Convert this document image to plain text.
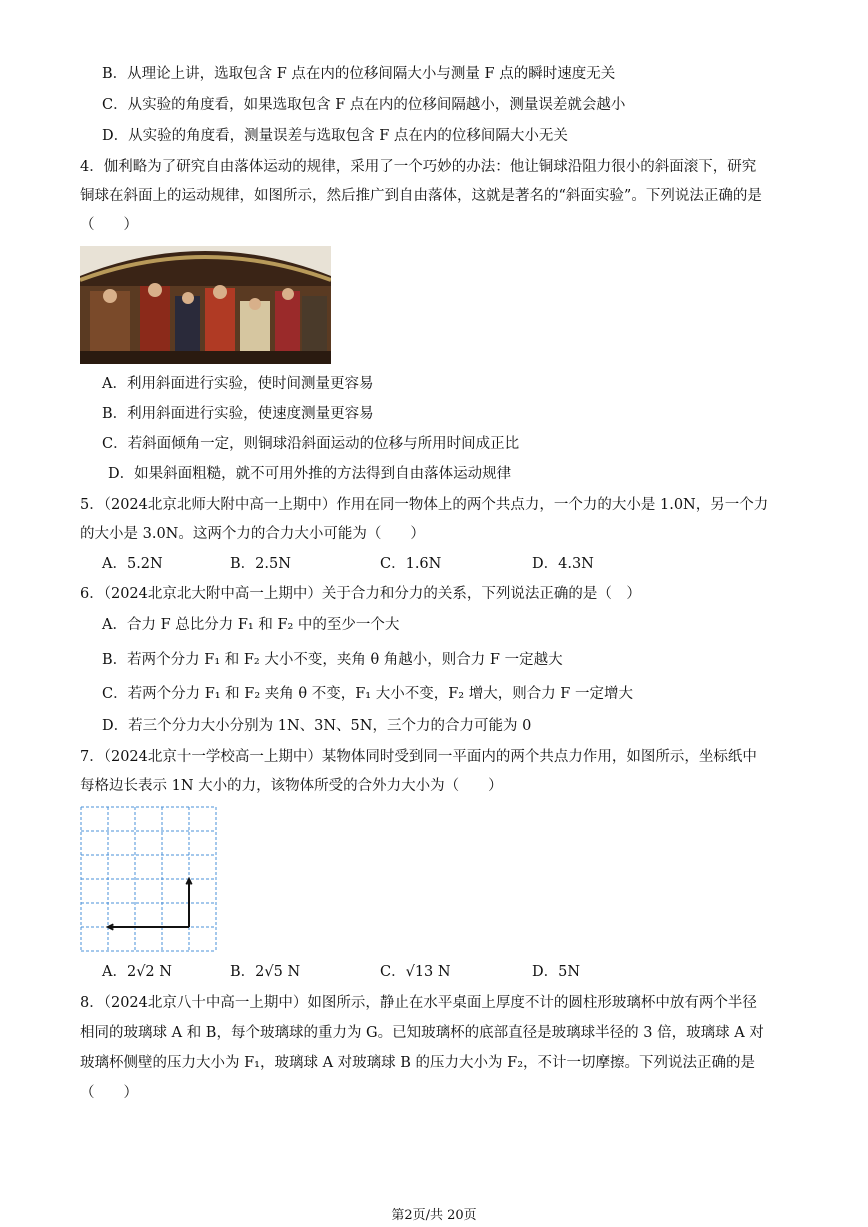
B．从理论上讲，选取包含 F 点在内的位移间隔大小与测量 F 点的瞬时速度无关
C．从实验的角度看，如果选取包含 F 点在内的位移间隔越小，测量误差就会越小
D．从实验的角度看，测量误差与选取包含 F 点在内的位移间隔大小无关
4．伽利略为了研究自由落体运动的规律，采用了一个巧妙的办法：他让铜球沿阻力很小的斜面滚下，研究
铜球在斜面上的运动规律，如图所示，然后推广到自由落体，这就是著名的“斜面实验”。下列说法正确的是
（　　）
A．利用斜面进行实验，使时间测量更容易
B．利用斜面进行实验，使速度测量更容易
C．若斜面倾角一定，则铜球沿斜面运动的位移与所用时间成正比
D．如果斜面粗糙，就不可用外推的方法得到自由落体运动规律
5．（2024北京北师大附中高一上期中）作用在同一物体上的两个共点力，一个力的大小是 1.0N，另一个力
的大小是 3.0N。这两个力的合力大小可能为（　　）
A．5.2N	B．2.5N	C．1.6N	D．4.3N
6．（2024北京北大附中高一上期中）关于合力和分力的关系，下列说法正确的是（　）
A．合力 F 总比分力 F₁ 和 F₂ 中的至少一个大
B．若两个分力 F₁ 和 F₂ 大小不变，夹角 θ 角越小，则合力 F 一定越大
C．若两个分力 F₁ 和 F₂ 夹角 θ 不变，F₁ 大小不变，F₂ 增大，则合力 F 一定增大
D．若三个分力大小分别为 1N、3N、5N，三个力的合力可能为 0
7．（2024北京十一学校高一上期中）某物体同时受到同一平面内的两个共点力作用，如图所示，坐标纸中
每格边长表示 1N 大小的力，该物体所受的合外力大小为（　　）
A．2√2 N	B．2√5 N	C．√13 N	D．5N
8．（2024北京八十中高一上期中）如图所示，静止在水平桌面上厚度不计的圆柱形玻璃杯中放有两个半径
相同的玻璃球 A 和 B，每个玻璃球的重力为 G。已知玻璃杯的底部直径是玻璃球半径的 3 倍，玻璃球 A 对
玻璃杯侧壁的压力大小为 F₁，玻璃球 A 对玻璃球 B 的压力大小为 F₂，不计一切摩擦。下列说法正确的是
（　　）
第2页/共 20页
